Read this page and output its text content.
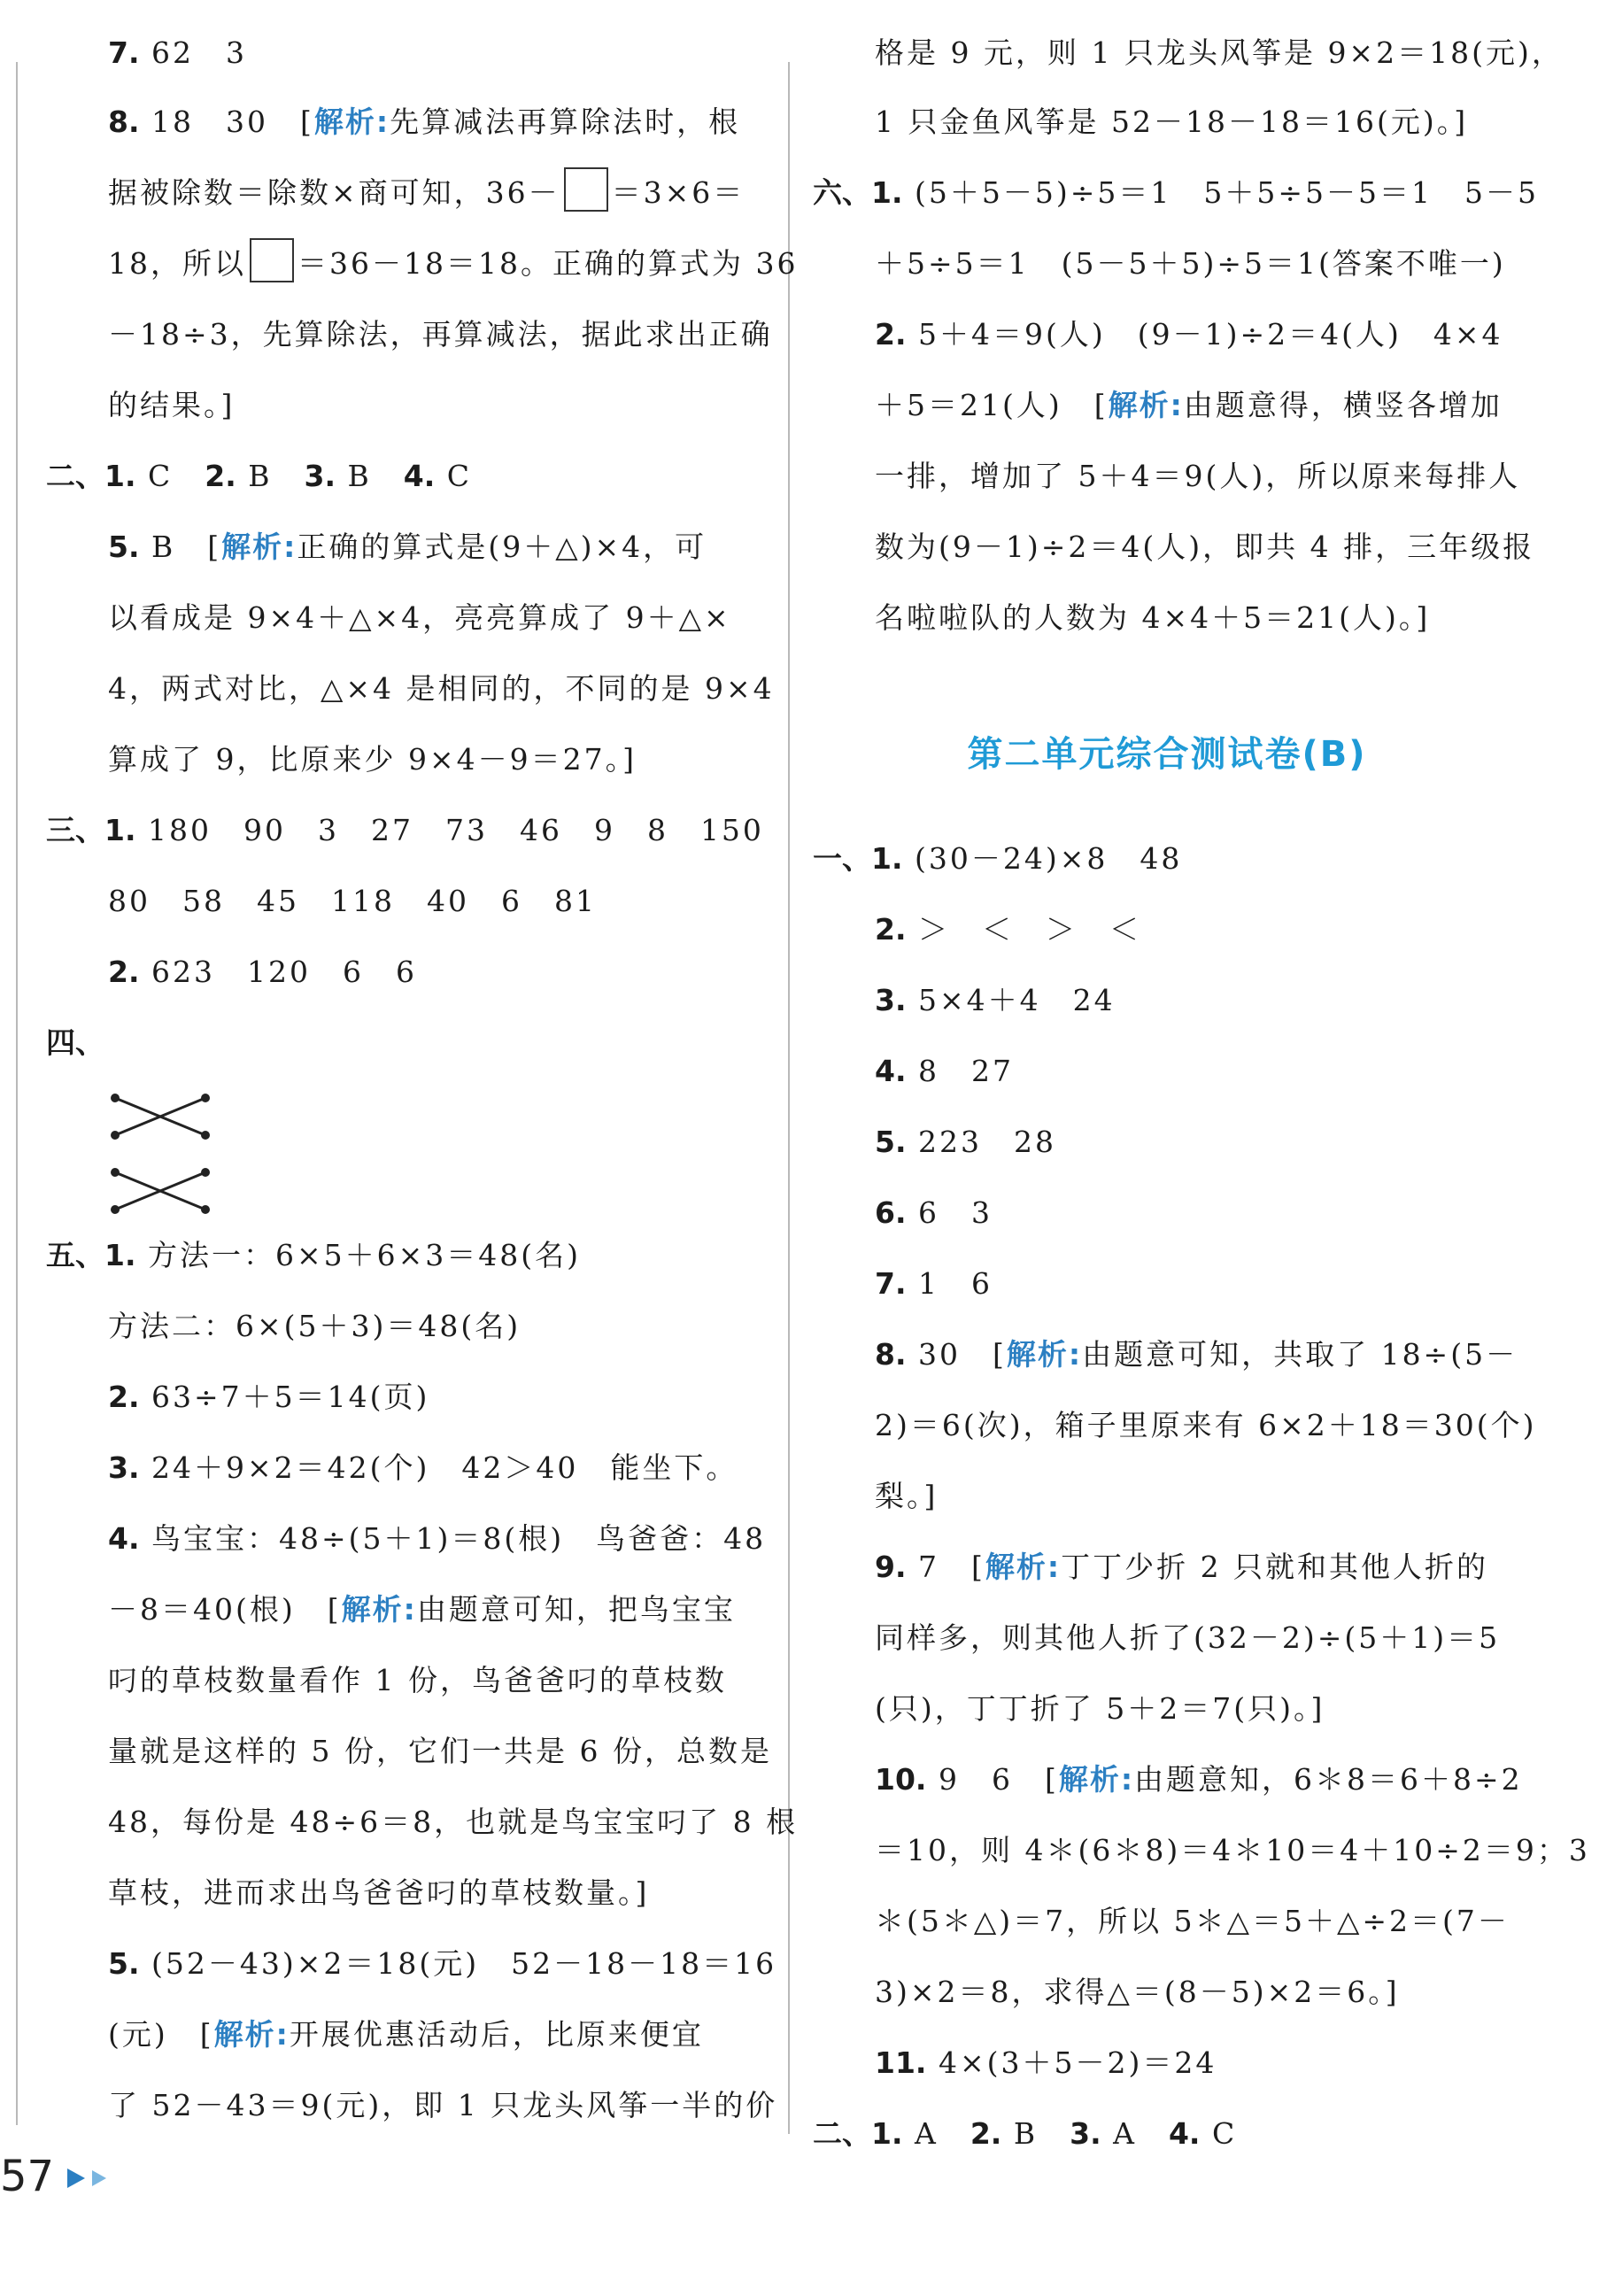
7. 62　3
8. 18　30　[解析:先算减法再算除法时，根
据被除数＝除数×商可知，36－ ＝3×6＝
18，所以 ＝36－18＝18。正确的算式为 36
－18÷3，先算除法，再算减法，据此求出正确
的结果。]
二、1. C　 2. B　 3. B　 4. C
5. B　[解析:正确的算式是(9＋△)×4，可
以看成是 9×4＋△×4，亮亮算成了 9＋△×
4，两式对比，△×4 是相同的，不同的是 9×4
算成了 9，比原来少 9×4－9＝27。]
三、1. 180　90　3　27　73　46　9　8　150
80　58　45　118　40　6　81
2. 623　120　6　6
四、
五、1. 方法一：6×5＋6×3＝48(名)
方法二：6×(5＋3)＝48(名)
2. 63÷7＋5＝14(页)
3. 24＋9×2＝42(个)　42＞40　能坐下。
4. 鸟宝宝：48÷(5＋1)＝8(根)　鸟爸爸：48
－8＝40(根)　[解析:由题意可知，把鸟宝宝
叼的草枝数量看作 1 份，鸟爸爸叼的草枝数
量就是这样的 5 份，它们一共是 6 份，总数是
48，每份是 48÷6＝8，也就是鸟宝宝叼了 8 根
草枝，进而求出鸟爸爸叼的草枝数量。]
5. (52－43)×2＝18(元)　52－18－18＝16
(元)　[解析:开展优惠活动后，比原来便宜
了 52－43＝9(元)，即 1 只龙头风筝一半的价
格是 9 元，则 1 只龙头风筝是 9×2＝18(元)，
1 只金鱼风筝是 52－18－18＝16(元)。]
六、1. (5＋5－5)÷5＝1　5＋5÷5－5＝1　5－5
＋5÷5＝1　(5－5＋5)÷5＝1(答案不唯一)
2. 5＋4＝9(人)　(9－1)÷2＝4(人)　4×4
＋5＝21(人)　[解析:由题意得，横竖各增加
一排，增加了 5＋4＝9(人)，所以原来每排人
数为(9－1)÷2＝4(人)，即共 4 排，三年级报
名啦啦队的人数为 4×4＋5＝21(人)。]
第二单元综合测试卷(B)
一、1. (30－24)×8　48
2. ＞　＜　＞　＜
3. 5×4＋4　24
4. 8　27
5. 223　28
6. 6　3
7. 1　6
8. 30　[解析:由题意可知，共取了 18÷(5－
2)＝6(次)，箱子里原来有 6×2＋18＝30(个)
梨。]
9. 7　[解析:丁丁少折 2 只就和其他人折的
同样多，则其他人折了(32－2)÷(5＋1)＝5
(只)，丁丁折了 5＋2＝7(只)。]
10. 9　6　[解析:由题意知，6＊8＝6＋8÷2
＝10，则 4＊(6＊8)＝4＊10＝4＋10÷2＝9；3
＊(5＊△)＝7，所以 5＊△＝5＋△÷2＝(7－
3)×2＝8，求得△＝(8－5)×2＝6。]
11. 4×(3＋5－2)＝24
二、1. A　 2. B　 3. A　 4. C
57
